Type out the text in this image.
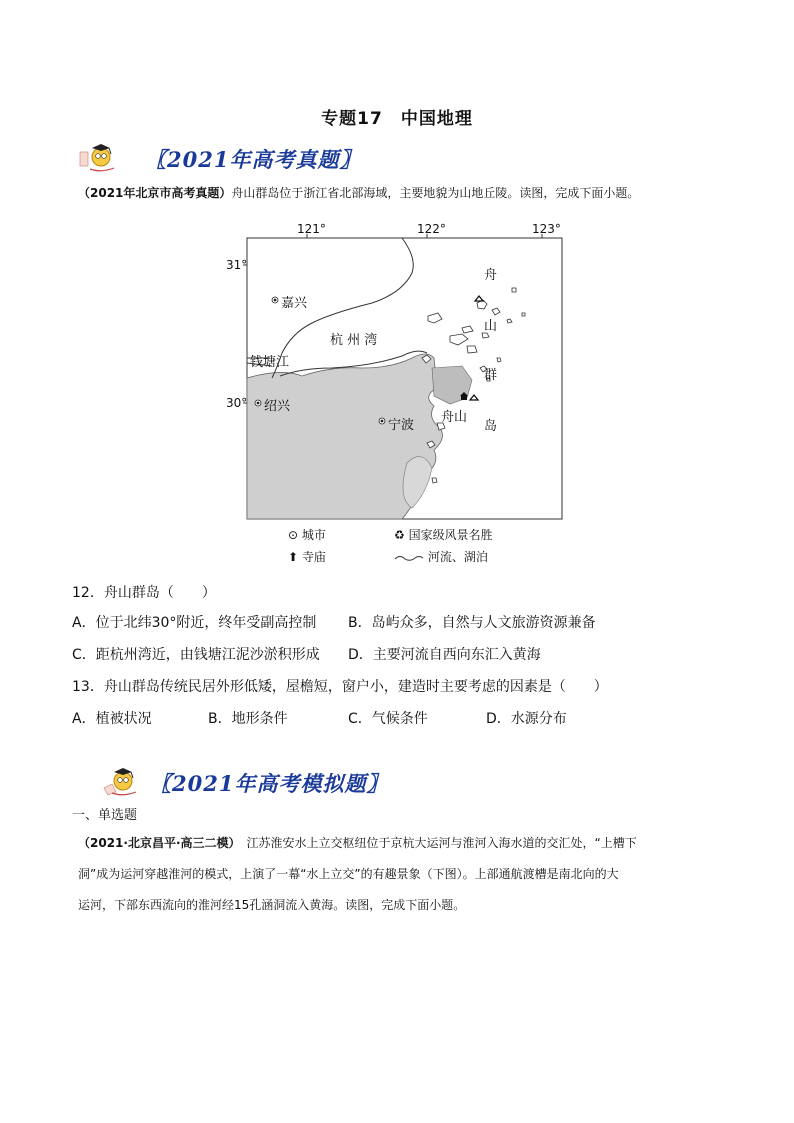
专题17　中国地理
〖2021年高考真题〗
（2021年北京市高考真题）舟山群岛位于浙江省北部海域，主要地貌为山地丘陵。读图，完成下面小题。
121°	122°	123°
31°
30°
嘉兴
杭 州 湾
钱塘江
绍兴
宁波
舟山
舟
山
群
岛
⊙ 城市	♻ 国家级风景名胜
⬆ 寺庙	河流、湖泊
12．舟山群岛（　　）
A．位于北纬30°附近，终年受副高控制 B．岛屿众多，自然与人文旅游资源兼备
C．距杭州湾近，由钱塘江泥沙淤积形成 D．主要河流自西向东汇入黄海
13．舟山群岛传统民居外形低矮，屋檐短，窗户小，建造时主要考虑的因素是（　　）
A．植被状况	B．地形条件	C．气候条件	D．水源分布
〖2021年高考模拟题〗
一、单选题
（2021·北京昌平·高三二模）　 江苏淮安水上立交枢纽位于京杭大运河与淮河入海水道的交汇处，“上槽下
洞”成为运河穿越淮河的模式，上演了一幕“水上立交”的有趣景象（下图）。上部通航渡槽是南北向的大
运河，下部东西流向的淮河经15孔涵洞流入黄海。读图，完成下面小题。
